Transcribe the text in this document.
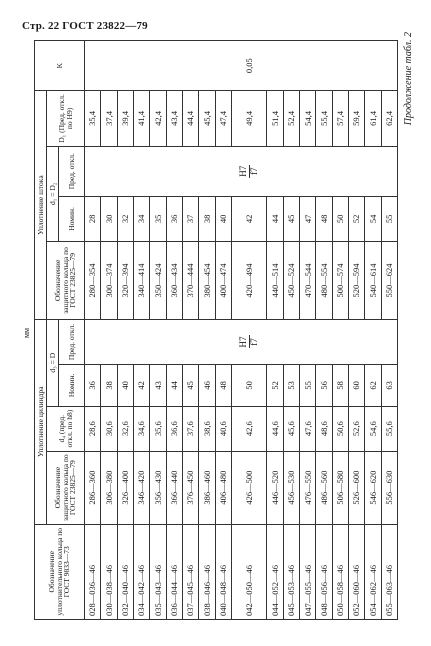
Стр. 22 ГОСТ 23822—79
мм
Обозначение уплотнительного кольца по ГОСТ 9833—73	Уплотнение цилиндра				Уплотнение штока				K
	Обозначение защитного кольца по ГОСТ 23825—79	d₄ (пред. откл. по h8)	d₃ = D		Обозначение защитного кольца по ГОСТ 23825—79	d₁ = D₂		D₁ (Пред. откл. по H9)	
			Номин.	Пред. откл.		Номин.	Пред. откл.		
028—036—46	286—360	28,6	36		280—354	28		35,4	
030—038—46	306—380	30,6	38		300—374	30		37,4	
032—040—46	326—400	32,6	40		320—394	32		39,4	
034—042—46	346—420	34,6	42		340—414	34		41,4	
035—043—46	356—430	35,6	43		350—424	35		42,4	
036—044—46	366—440	36,6	44		360—434	36		43,4	
037—045—46	376—450	37,6	45		370—444	37		44,4	
038—046—46	386—460	38,6	46		380—454	38		45,4	
040—048—46	406—480	40,6	48		400—474	40		47,4	
042—050—46	426—500	42,6	50	H7 f7	420—494	42	H7 f7	49,4	0,05
044—052—46	446—520	44,6	52		440—514	44		51,4	
045—053—46	456—530	45,6	53		450—524	45		52,4	
047—055—46	476—550	47,6	55		470—544	47		54,4	
048—056—46	486—560	48,6	56		480—554	48		55,4	
050—058—46	506—580	50,6	58		500—574	50		57,4	
052—060—46	526—600	52,6	60		520—594	52		59,4	
054—062—46	546—620	54,6	62		540—614	54		61,4	
055—063—46	556—630	55,6	63		550—624	55		62,4	Продолжение табл. 2
